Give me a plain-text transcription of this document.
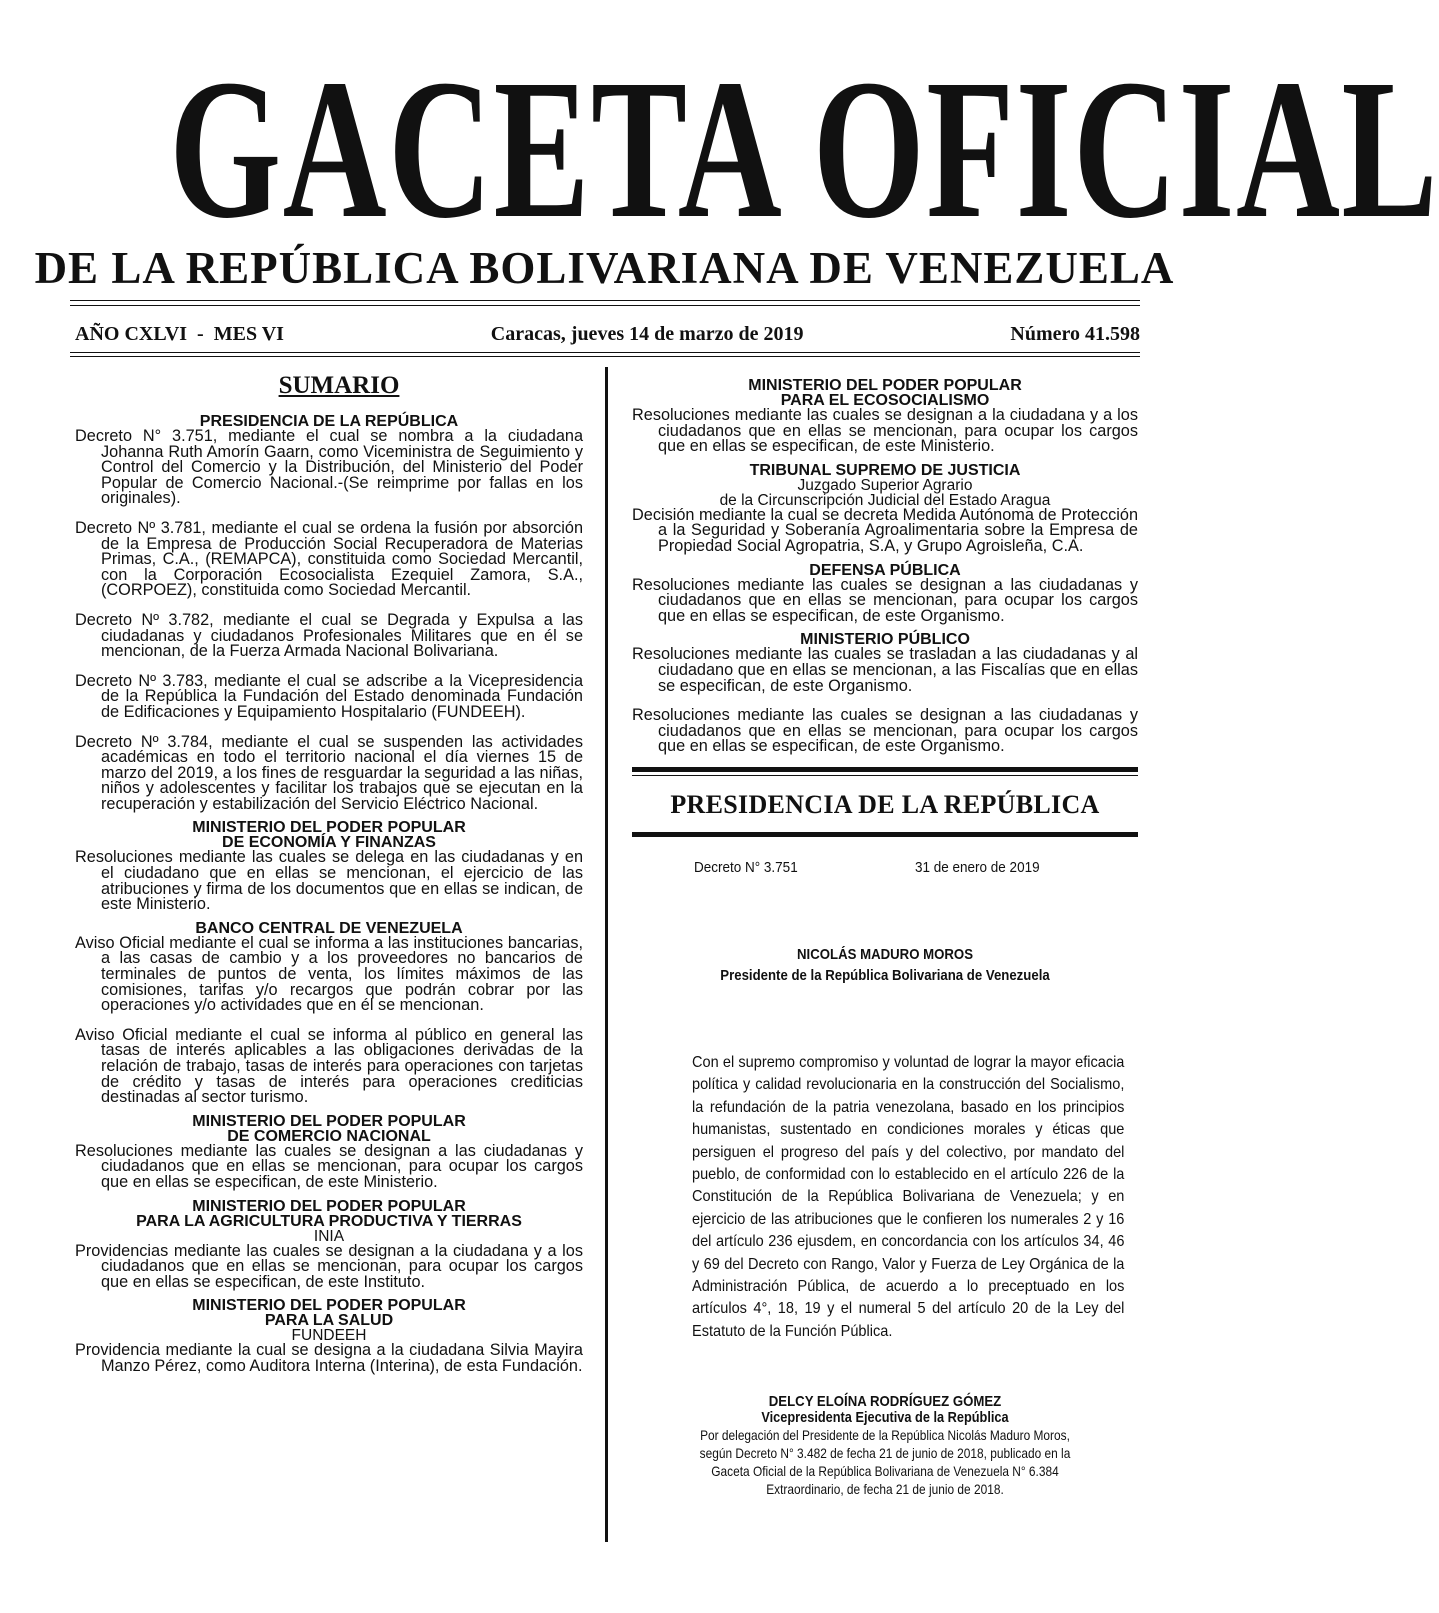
GACETA OFICIAL
DE LA REPÚBLICA BOLIVARIANA DE VENEZUELA
AÑO CXLVI  -  MES VI	Caracas, jueves 14 de marzo de 2019	Número 41.598
SUMARIO
PRESIDENCIA DE LA REPÚBLICA

Decreto N° 3.751, mediante el cual se nombra a la ciudadana Johanna Ruth Amorín Gaarn, como Viceministra de Seguimiento y Control del Comercio y la Distribución, del Ministerio del Poder Popular de Comercio Nacional.-(Se reimprime por fallas en los originales).

Decreto Nº 3.781, mediante el cual se ordena la fusión por absorción de la Empresa de Producción Social Recuperadora de Materias Primas, C.A., (REMAPCA), constituida como Sociedad Mercantil, con la Corporación Ecosocialista Ezequiel Zamora, S.A., (CORPOEZ), constituida como Sociedad Mercantil.

Decreto Nº 3.782, mediante el cual se Degrada y Expulsa a las ciudadanas y ciudadanos Profesionales Militares que en él se mencionan, de la Fuerza Armada Nacional Bolivariana.

Decreto Nº 3.783, mediante el cual se adscribe a la Vicepresidencia de la República la Fundación del Estado denominada Fundación de Edificaciones y Equipamiento Hospitalario (FUNDEEH).

Decreto Nº 3.784, mediante el cual se suspenden las actividades académicas en todo el territorio nacional el día viernes 15 de marzo del 2019, a los fines de resguardar la seguridad a las niñas, niños y adolescentes y facilitar los trabajos que se ejecutan en la recuperación y estabilización del Servicio Eléctrico Nacional.

MINISTERIO DEL PODER POPULAR
DE ECONOMÍA Y FINANZAS

Resoluciones mediante las cuales se delega en las ciudadanas y en el ciudadano que en ellas se mencionan, el ejercicio de las atribuciones y firma de los documentos que en ellas se indican, de este Ministerio.

BANCO CENTRAL DE VENEZUELA

Aviso Oficial mediante el cual se informa a las instituciones bancarias, a las casas de cambio y a los proveedores no bancarios de terminales de puntos de venta, los límites máximos de las comisiones, tarifas y/o recargos que podrán cobrar por las operaciones y/o actividades que en él se mencionan.

Aviso Oficial mediante el cual se informa al público en general las tasas de interés aplicables a las obligaciones derivadas de la relación de trabajo, tasas de interés para operaciones con tarjetas de crédito y tasas de interés para operaciones crediticias destinadas al sector turismo.

MINISTERIO DEL PODER POPULAR
DE COMERCIO NACIONAL

Resoluciones mediante las cuales se designan a las ciudadanas y ciudadanos que en ellas se mencionan, para ocupar los cargos que en ellas se especifican, de este Ministerio.

MINISTERIO DEL PODER POPULAR
PARA LA AGRICULTURA PRODUCTIVA Y TIERRAS
INIA

Providencias mediante las cuales se designan a la ciudadana y a los ciudadanos que en ellas se mencionan, para ocupar los cargos que en ellas se especifican, de este Instituto.

MINISTERIO DEL PODER POPULAR
PARA LA SALUD
FUNDEEH

Providencia mediante la cual se designa a la ciudadana Silvia Mayira Manzo Pérez, como Auditora Interna (Interina), de esta Fundación.

MINISTERIO DEL PODER POPULAR
PARA EL ECOSOCIALISMO

Resoluciones mediante las cuales se designan a la ciudadana y a los ciudadanos que en ellas se mencionan, para ocupar los cargos que en ellas se especifican, de este Ministerio.

TRIBUNAL SUPREMO DE JUSTICIA
Juzgado Superior Agrario
de la Circunscripción Judicial del Estado Aragua

Decisión mediante la cual se decreta Medida Autónoma de Protección a la Seguridad y Soberanía Agroalimentaria sobre la Empresa de Propiedad Social Agropatria, S.A, y Grupo Agroisleña, C.A.

DEFENSA PÚBLICA

Resoluciones mediante las cuales se designan a las ciudadanas y ciudadanos que en ellas se mencionan, para ocupar los cargos que en ellas se especifican, de este Organismo.

MINISTERIO PÚBLICO

Resoluciones mediante las cuales se trasladan a las ciudadanas y al ciudadano que en ellas se mencionan, a las Fiscalías que en ellas se especifican, de este Organismo.

Resoluciones mediante las cuales se designan a las ciudadanas y ciudadanos que en ellas se mencionan, para ocupar los cargos que en ellas se especifican, de este Organismo.

PRESIDENCIA DE LA REPÚBLICA
Decreto N° 3.751	31 de enero de 2019
NICOLÁS MADURO MOROS
Presidente de la República Bolivariana de Venezuela
Con el supremo compromiso y voluntad de lograr la mayor eficacia política y calidad revolucionaria en la construcción del Socialismo, la refundación de la patria venezolana, basado en los principios humanistas, sustentado en condiciones morales y éticas que persiguen el progreso del país y del colectivo, por mandato del pueblo, de conformidad con lo establecido en el artículo 226 de la Constitución de la República Bolivariana de Venezuela; y en ejercicio de las atribuciones que le confieren los numerales 2 y 16 del artículo 236 ejusdem, en concordancia con los artículos 34, 46 y 69 del Decreto con Rango, Valor y Fuerza de Ley Orgánica de la Administración Pública, de acuerdo a lo preceptuado en los artículos 4°, 18, 19 y el numeral 5 del artículo 20 de la Ley del Estatuto de la Función Pública.
DELCY ELOÍNA RODRÍGUEZ GÓMEZ
Vicepresidenta Ejecutiva de la República
Por delegación del Presidente de la República Nicolás Maduro Moros,
según Decreto N° 3.482 de fecha 21 de junio de 2018, publicado en la
Gaceta Oficial de la República Bolivariana de Venezuela N° 6.384
Extraordinario, de fecha 21 de junio de 2018.
